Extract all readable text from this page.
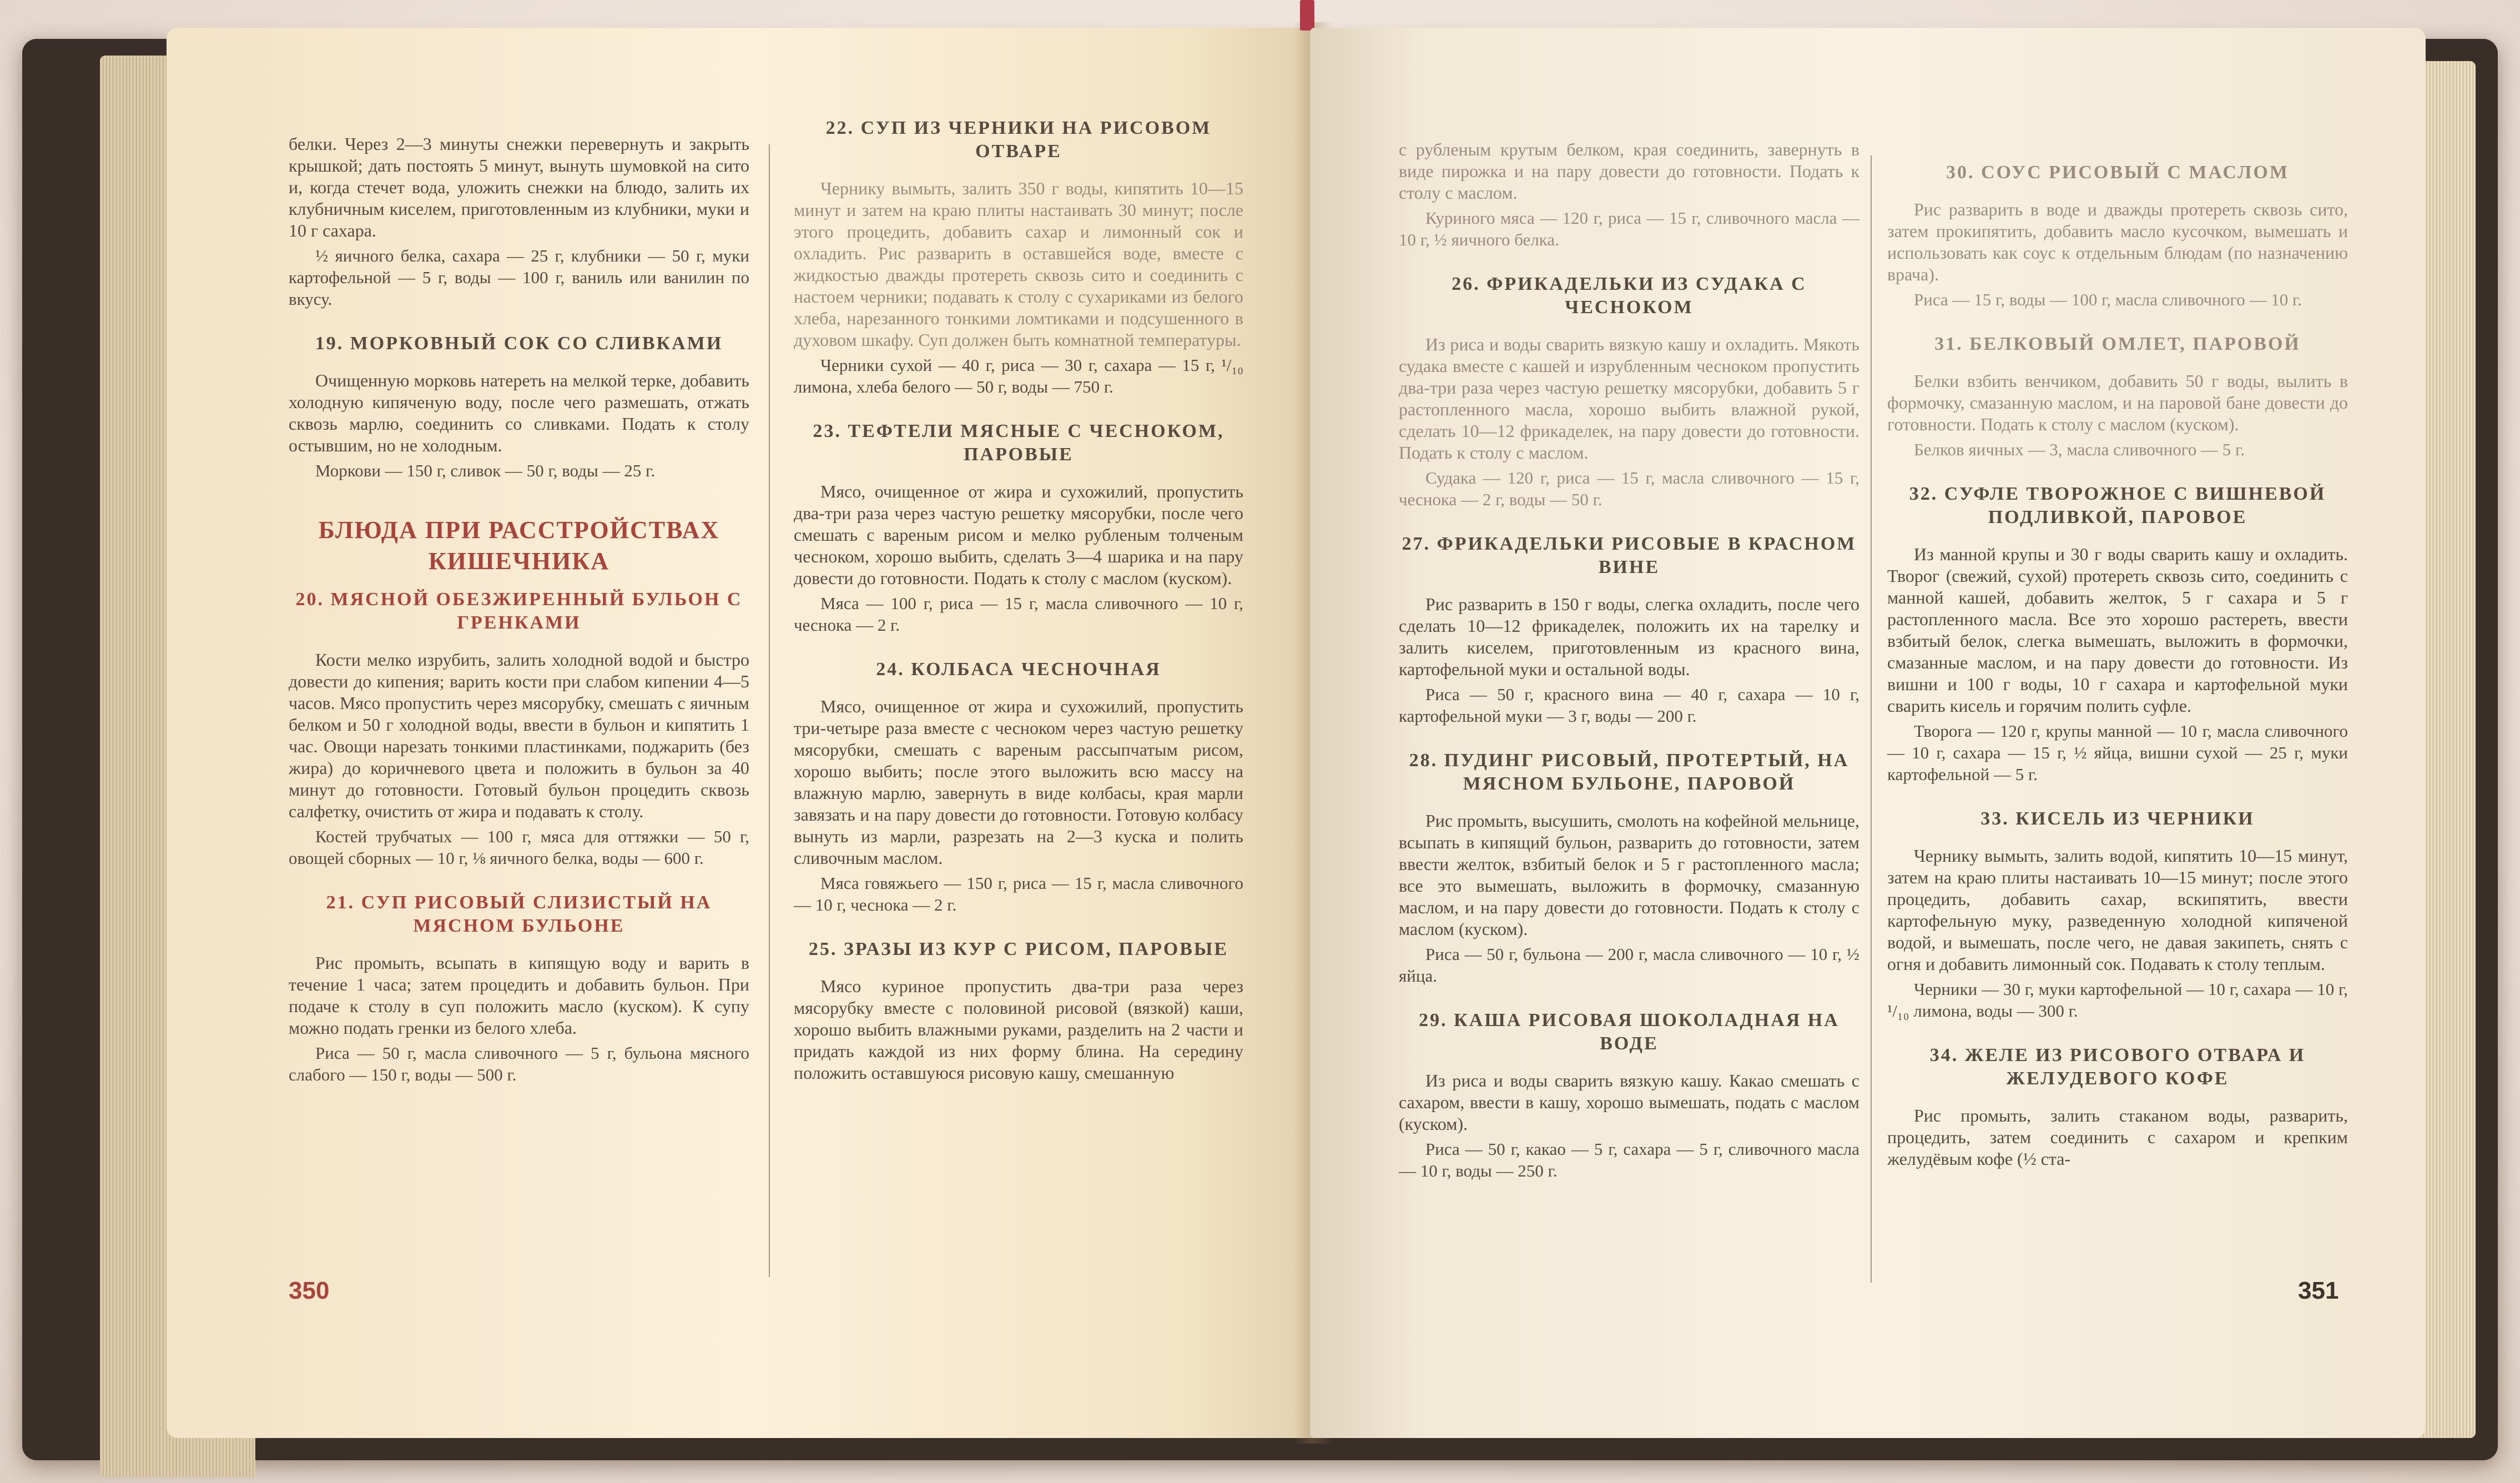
белки. Через 2—3 минуты снежки перевернуть и закрыть крышкой; дать постоять 5 минут, вынуть шумовкой на сито и, когда стечет вода, уложить снежки на блюдо, залить их клубничным киселем, приготовленным из клубники, муки и 10 г сахара.

½ яичного белка, сахара — 25 г, клубники — 50 г, муки картофельной — 5 г, воды — 100 г, ваниль или ванилин по вкусу.

19. МОРКОВНЫЙ СОК СО СЛИВКАМИ

Очищенную морковь натереть на мелкой терке, добавить холодную кипяченую воду, после чего размешать, отжать сквозь марлю, соединить со сливками. Подать к столу остывшим, но не холодным.

Моркови — 150 г, сливок — 50 г, воды — 25 г.

БЛЮДА ПРИ РАССТРОЙСТВАХ КИШЕЧНИКА
20. МЯСНОЙ ОБЕЗЖИРЕННЫЙ БУЛЬОН С ГРЕНКАМИ

Кости мелко изрубить, залить холодной водой и быстро довести до кипения; варить кости при слабом кипении 4—5 часов. Мясо пропустить через мясорубку, смешать с яичным белком и 50 г холодной воды, ввести в бульон и кипятить 1 час. Овощи нарезать тонкими пластинками, поджарить (без жира) до коричневого цвета и положить в бульон за 40 минут до готовности. Готовый бульон процедить сквозь салфетку, очистить от жира и подавать к столу.

Костей трубчатых — 100 г, мяса для оттяжки — 50 г, овощей сборных — 10 г, ⅛ яичного белка, воды — 600 г.

21. СУП РИСОВЫЙ СЛИЗИСТЫЙ НА МЯСНОМ БУЛЬОНЕ

Рис промыть, всыпать в кипящую воду и варить в течение 1 часа; затем процедить и добавить бульон. При подаче к столу в суп положить масло (куском). К супу можно подать гренки из белого хлеба.

Риса — 50 г, масла сливочного — 5 г, бульона мясного слабого — 150 г, воды — 500 г.

22. СУП ИЗ ЧЕРНИКИ НА РИСОВОМ ОТВАРЕ

Чернику вымыть, залить 350 г воды, кипятить 10—15 минут и затем на краю плиты настаивать 30 минут; после этого процедить, добавить сахар и лимонный сок и охладить. Рис разварить в оставшейся воде, вместе с жидкостью дважды протереть сквозь сито и соединить с настоем черники; подавать к столу с сухариками из белого хлеба, нарезанного тонкими ломтиками и подсушенного в духовом шкафу. Суп должен быть комнатной температуры.

Черники сухой — 40 г, риса — 30 г, сахара — 15 г, ¹/₁₀ лимона, хлеба белого — 50 г, воды — 750 г.

23. ТЕФТЕЛИ МЯСНЫЕ С ЧЕСНОКОМ, ПАРОВЫЕ

Мясо, очищенное от жира и сухожилий, пропустить два-три раза через частую решетку мясорубки, после чего смешать с вареным рисом и мелко рубленым толченым чесноком, хорошо выбить, сделать 3—4 шарика и на пару довести до готовности. Подать к столу с маслом (куском).

Мяса — 100 г, риса — 15 г, масла сливочного — 10 г, чеснока — 2 г.

24. КОЛБАСА ЧЕСНОЧНАЯ

Мясо, очищенное от жира и сухожилий, пропустить три-четыре раза вместе с чесноком через частую решетку мясорубки, смешать с вареным рассыпчатым рисом, хорошо выбить; после этого выложить всю массу на влажную марлю, завернуть в виде колбасы, края марли завязать и на пару довести до готовности. Готовую колбасу вынуть из марли, разрезать на 2—3 куска и полить сливочным маслом.

Мяса говяжьего — 150 г, риса — 15 г, масла сливочного — 10 г, чеснока — 2 г.

25. ЗРАЗЫ ИЗ КУР С РИСОМ, ПАРОВЫЕ

Мясо куриное пропустить два-три раза через мясорубку вместе с половиной рисовой (вязкой) каши, хорошо выбить влажными руками, разделить на 2 части и придать каждой из них форму блина. На середину положить оставшуюся рисовую кашу, смешанную

350

с рубленым крутым белком, края соединить, завернуть в виде пирожка и на пару довести до готовности. Подать к столу с маслом.

Куриного мяса — 120 г, риса — 15 г, сливочного масла — 10 г, ½ яичного белка.

26. ФРИКАДЕЛЬКИ ИЗ СУДАКА С ЧЕСНОКОМ

Из риса и воды сварить вязкую кашу и охладить. Мякоть судака вместе с кашей и изрубленным чесноком пропустить два-три раза через частую решетку мясорубки, добавить 5 г растопленного масла, хорошо выбить влажной рукой, сделать 10—12 фрикаделек, на пару довести до готовности. Подать к столу с маслом.

Судака — 120 г, риса — 15 г, масла сливочного — 15 г, чеснока — 2 г, воды — 50 г.

27. ФРИКАДЕЛЬКИ РИСОВЫЕ В КРАСНОМ ВИНЕ

Рис разварить в 150 г воды, слегка охладить, после чего сделать 10—12 фрикаделек, положить их на тарелку и залить киселем, приготовленным из красного вина, картофельной муки и остальной воды.

Риса — 50 г, красного вина — 40 г, сахара — 10 г, картофельной муки — 3 г, воды — 200 г.

28. ПУДИНГ РИСОВЫЙ, ПРОТЕРТЫЙ, НА МЯСНОМ БУЛЬОНЕ, ПАРОВОЙ

Рис промыть, высушить, смолоть на кофейной мельнице, всыпать в кипящий бульон, разварить до готовности, затем ввести желток, взбитый белок и 5 г растопленного масла; все это вымешать, выложить в формочку, смазанную маслом, и на пару довести до готовности. Подать к столу с маслом (куском).

Риса — 50 г, бульона — 200 г, масла сливочного — 10 г, ½ яйца.

29. КАША РИСОВАЯ ШОКОЛАДНАЯ НА ВОДЕ

Из риса и воды сварить вязкую кашу. Какао смешать с сахаром, ввести в кашу, хорошо вымешать, подать с маслом (куском).

Риса — 50 г, какао — 5 г, сахара — 5 г, сливочного масла — 10 г, воды — 250 г.

30. СОУС РИСОВЫЙ С МАСЛОМ

Рис разварить в воде и дважды протереть сквозь сито, затем прокипятить, добавить масло кусочком, вымешать и использовать как соус к отдельным блюдам (по назначению врача).

Риса — 15 г, воды — 100 г, масла сливочного — 10 г.

31. БЕЛКОВЫЙ ОМЛЕТ, ПАРОВОЙ

Белки взбить венчиком, добавить 50 г воды, вылить в формочку, смазанную маслом, и на паровой бане довести до готовности. Подать к столу с маслом (куском).

Белков яичных — 3, масла сливочного — 5 г.

32. СУФЛЕ ТВОРОЖНОЕ С ВИШНЕВОЙ ПОДЛИВКОЙ, ПАРОВОЕ

Из манной крупы и 30 г воды сварить кашу и охладить. Творог (свежий, сухой) протереть сквозь сито, соединить с манной кашей, добавить желток, 5 г сахара и 5 г растопленного масла. Все это хорошо растереть, ввести взбитый белок, слегка вымешать, выложить в формочки, смазанные маслом, и на пару довести до готовности. Из вишни и 100 г воды, 10 г сахара и картофельной муки сварить кисель и горячим полить суфле.

Творога — 120 г, крупы манной — 10 г, масла сливочного — 10 г, сахара — 15 г, ½ яйца, вишни сухой — 25 г, муки картофельной — 5 г.

33. КИСЕЛЬ ИЗ ЧЕРНИКИ

Чернику вымыть, залить водой, кипятить 10—15 минут, затем на краю плиты настаивать 10—15 минут; после этого процедить, добавить сахар, вскипятить, ввести картофельную муку, разведенную холодной кипяченой водой, и вымешать, после чего, не давая закипеть, снять с огня и добавить лимонный сок. Подавать к столу теплым.

Черники — 30 г, муки картофельной — 10 г, сахара — 10 г, ¹/₁₀ лимона, воды — 300 г.

34. ЖЕЛЕ ИЗ РИСОВОГО ОТВАРА И ЖЕЛУДЕВОГО КОФЕ

Рис промыть, залить стаканом воды, разварить, процедить, затем соединить с сахаром и крепким желудёвым кофе (½ ста-

351
